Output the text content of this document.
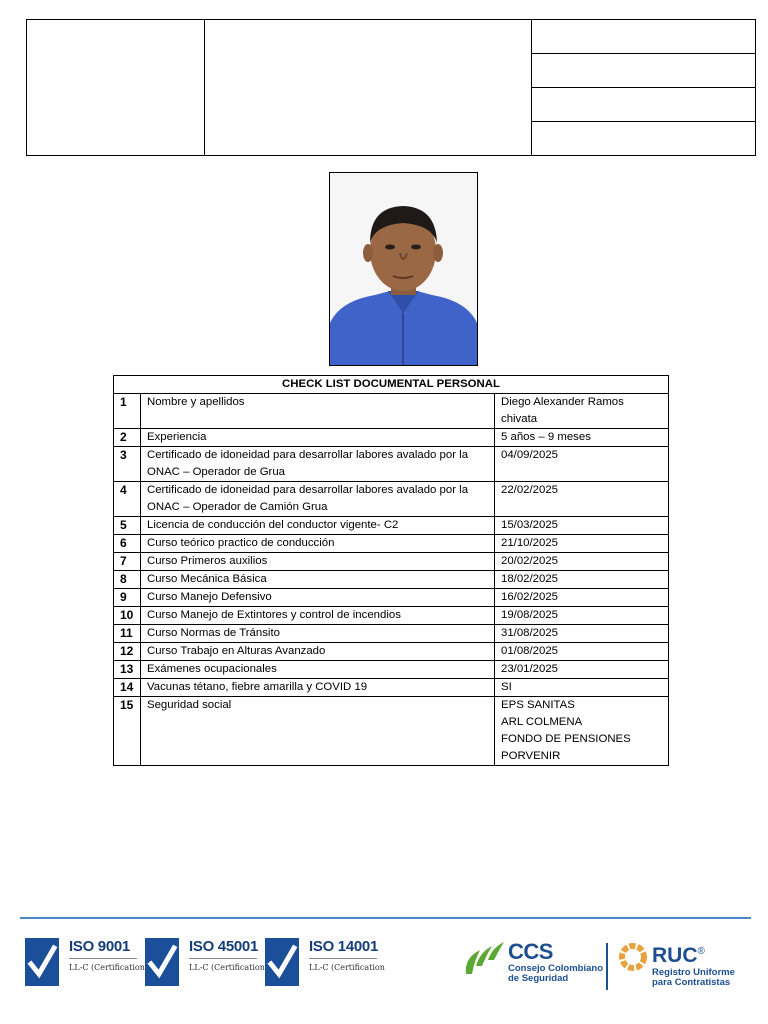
CHECK LIST DOCUMENTAL PERSONAL		
1	Nombre y apellidos	Diego Alexander Ramos
chivata
2	Experiencia	5 años – 9 meses
3	Certificado de idoneidad para desarrollar labores avalado por la ONAC – Operador de Grua	04/09/2025
4	Certificado de idoneidad para desarrollar labores avalado por la ONAC – Operador de Camión Grua	22/02/2025
5	Licencia de conducción del conductor vigente- C2	15/03/2025
6	Curso teórico practico de conducción	21/10/2025
7	Curso Primeros auxilios	20/02/2025
8	Curso Mecánica Básica	18/02/2025
9	Curso Manejo Defensivo	16/02/2025
10	Curso Manejo de Extintores y control de incendios	19/08/2025
11	Curso Normas de Tránsito	31/08/2025
12	Curso Trabajo en Alturas Avanzado	01/08/2025
13	Exámenes ocupacionales	23/01/2025
14	Vacunas tétano, fiebre amarilla y COVID 19	SI
15	Seguridad social	EPS SANITAS
ARL COLMENA
FONDO DE PENSIONES
PORVENIR
ISO 9001
LL-C (Certification
ISO 45001
LL-C (Certification
ISO 14001
LL-C (Certification
CCS
Consejo Colombiano
de Seguridad
RUC®
Registro Uniforme
para Contratistas
